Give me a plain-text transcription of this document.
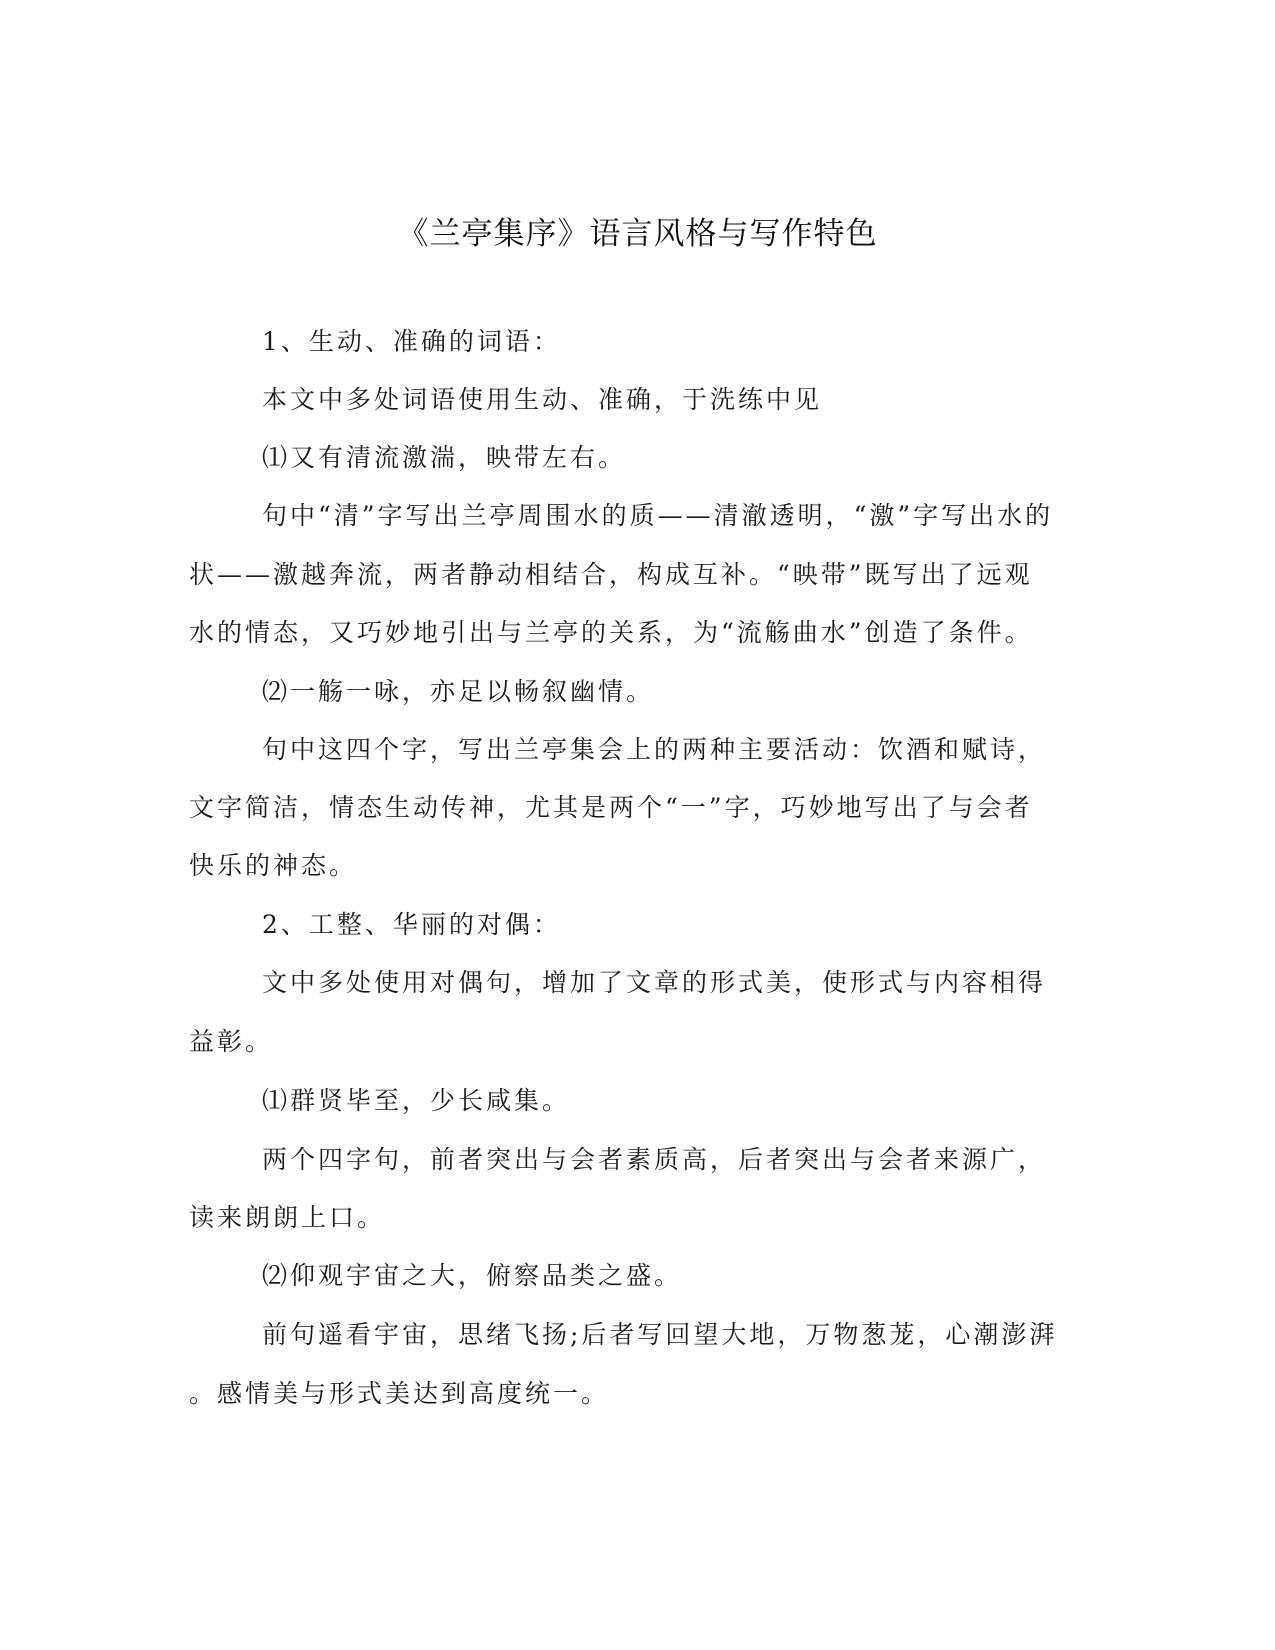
《兰亭集序》语言风格与写作特色

1、生动、准确的词语：

本文中多处词语使用生动、准确，于洗练中见

⑴又有清流激湍，映带左右。

句中“清”字写出兰亭周围水的质——清澈透明，“激”字写出水的

状——激越奔流，两者静动相结合，构成互补。“映带”既写出了远观

水的情态，又巧妙地引出与兰亭的关系，为“流觞曲水”创造了条件。

⑵一觞一咏，亦足以畅叙幽情。

句中这四个字，写出兰亭集会上的两种主要活动：饮酒和赋诗，

文字简洁，情态生动传神，尤其是两个“一”字，巧妙地写出了与会者

快乐的神态。

2、工整、华丽的对偶：

文中多处使用对偶句，增加了文章的形式美，使形式与内容相得

益彰。

⑴群贤毕至，少长咸集。

两个四字句，前者突出与会者素质高，后者突出与会者来源广，

读来朗朗上口。

⑵仰观宇宙之大，俯察品类之盛。

前句遥看宇宙，思绪飞扬;后者写回望大地，万物葱茏，心潮澎湃

。感情美与形式美达到高度统一。
